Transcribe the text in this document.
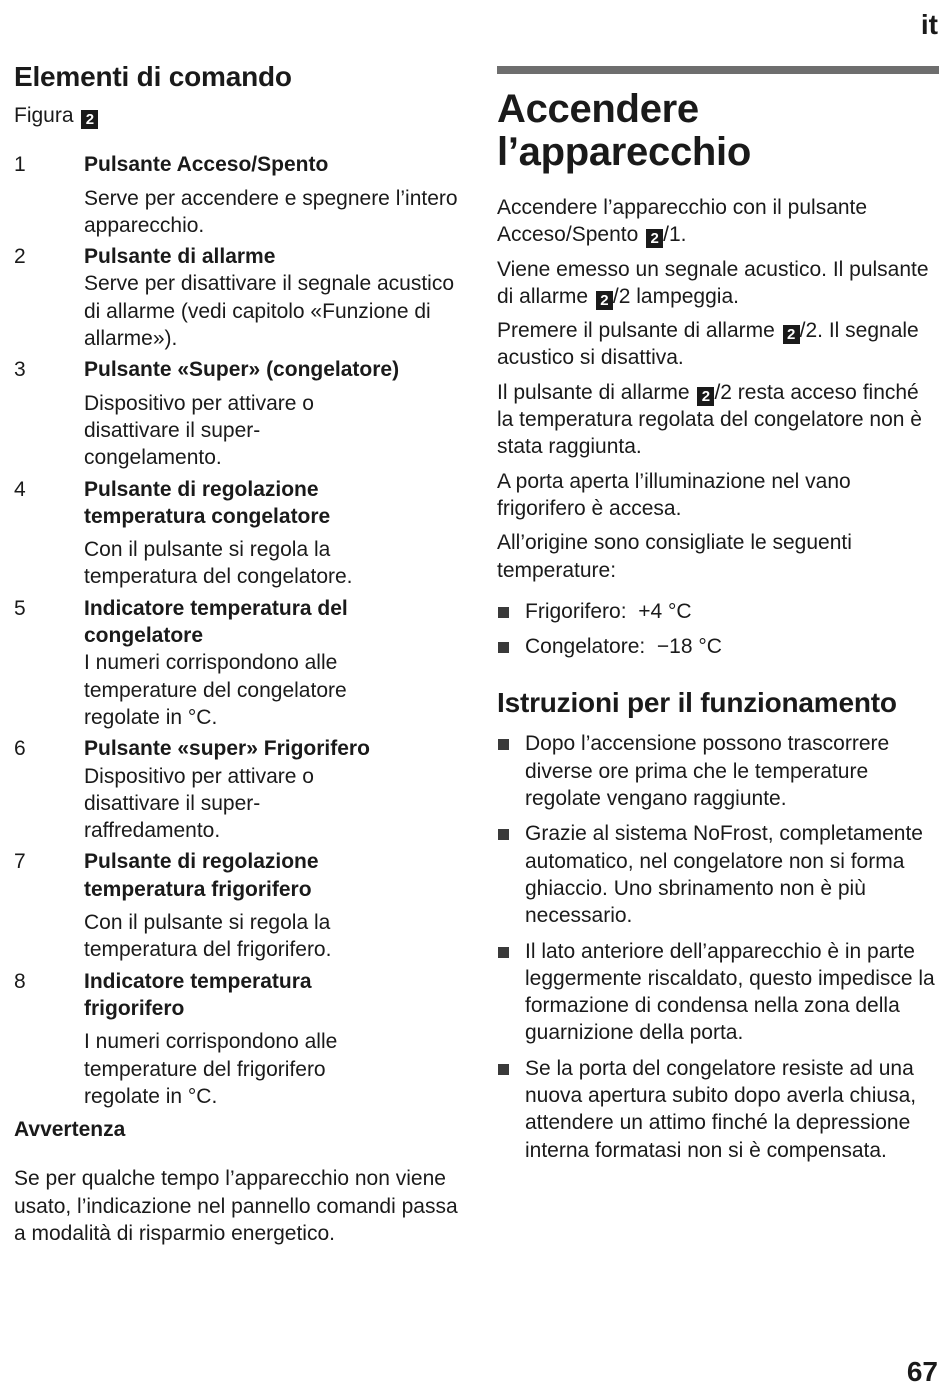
it
Elementi di comando
Figura 2
1	Pulsante Acceso/Spento
Serve per accendere e spegnere l’intero apparecchio.
2	Pulsante di allarme
Serve per disattivare il segnale acustico di allarme (vedi capitolo «Funzione di allarme»).
3	Pulsante «Super» (congelatore)
Dispositivo per attivare o disattivare il super-congelamento.
4	Pulsante di regolazione temperatura congelatore
Con il pulsante si regola la temperatura del congelatore.
5	Indicatore temperatura del congelatore
I numeri corrispondono alle temperature del congelatore regolate in °C.
6	Pulsante «super» Frigorifero
Dispositivo per attivare o disattivare il super-raffredamento.
7	Pulsante di regolazione temperatura frigorifero
Con il pulsante si regola la temperatura del frigorifero.
8	Indicatore temperatura frigorifero
I numeri corrispondono alle temperature del frigorifero regolate in °C.
Avvertenza
Se per qualche tempo l’apparecchio non viene usato, l’indicazione nel pannello comandi passa a modalità di risparmio energetico.
Accendere l’apparecchio
Accendere l’apparecchio con il pulsante Acceso/Spento 2 /1.
Viene emesso un segnale acustico. Il pulsante di allarme 2 /2 lampeggia.
Premere il pulsante di allarme 2 /2. Il segnale acustico si disattiva.
Il pulsante di allarme 2 /2 resta acceso finché la temperatura regolata del congelatore non è stata raggiunta.
A porta aperta l’illuminazione nel vano frigorifero è accesa.
All’origine sono consigliate le seguenti temperature:
Frigorifero:  +4 °C
Congelatore:  −18 °C
Istruzioni per il funzionamento
Dopo l’accensione possono trascorrere diverse ore prima che le temperature regolate vengano raggiunte.
Grazie al sistema NoFrost, completamente automatico, nel congelatore non si forma ghiaccio. Uno sbrinamento non è più necessario.
Il lato anteriore dell’apparecchio è in parte leggermente riscaldato, questo impedisce la formazione di condensa nella zona della guarnizione della porta.
Se la porta del congelatore resiste ad una nuova apertura subito dopo averla chiusa, attendere un attimo finché la depressione interna formatasi non si è compensata.
67
